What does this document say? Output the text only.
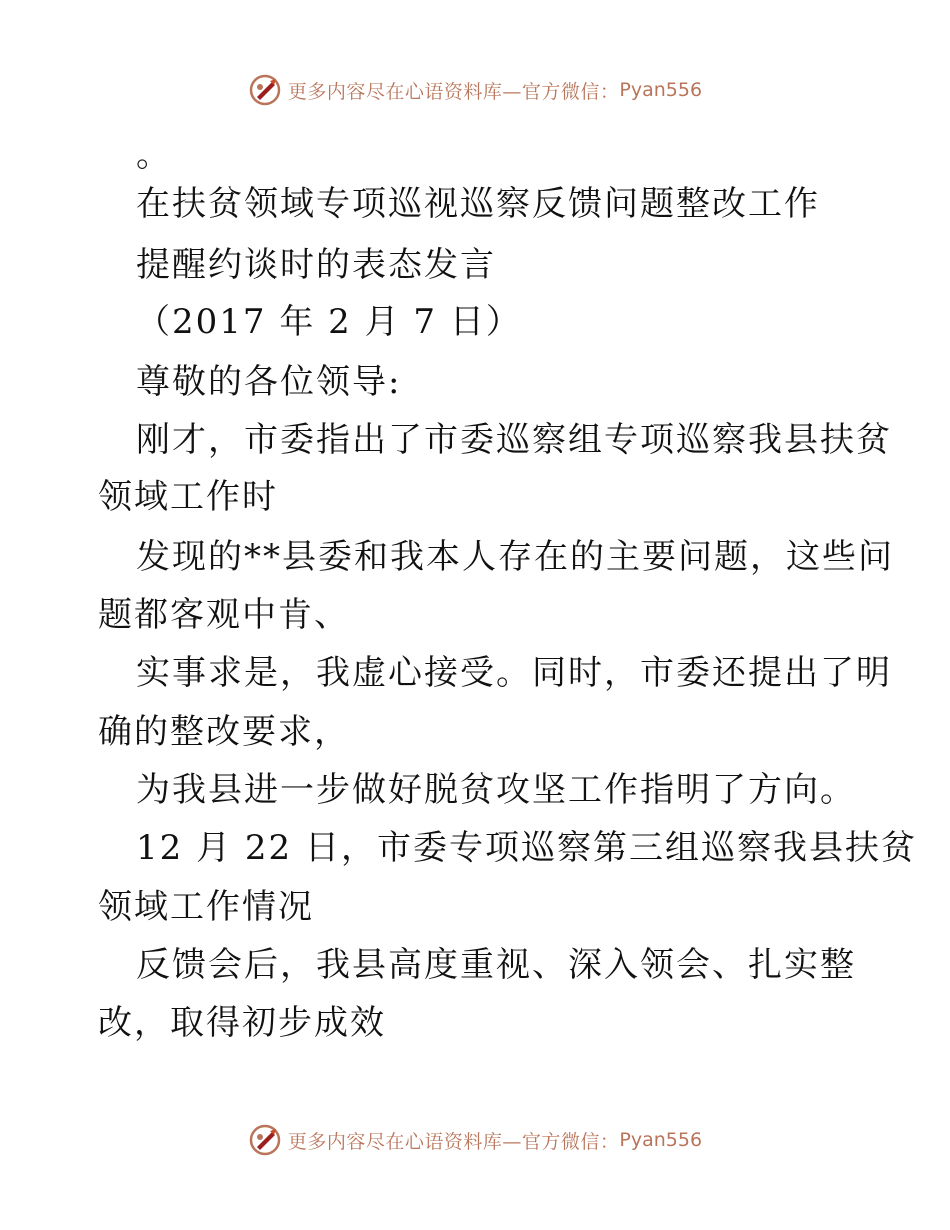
更多内容尽在心语资料库—官方微信： Pyan556
。
在扶贫领域专项巡视巡察反馈问题整改工作
提醒约谈时的表态发言
（2017 年 2 月 7 日）
尊敬的各位领导:
刚才，市委指出了市委巡察组专项巡察我县扶贫
领域工作时
发现的**县委和我本人存在的主要问题，这些问
题都客观中肯、
实事求是，我虚心接受。同时，市委还提出了明
确的整改要求，
为我县进一步做好脱贫攻坚工作指明了方向。
12 月 22 日，市委专项巡察第三组巡察我县扶贫
领域工作情况
反馈会后，我县高度重视、深入领会、扎实整
改，取得初步成效
更多内容尽在心语资料库—官方微信： Pyan556
